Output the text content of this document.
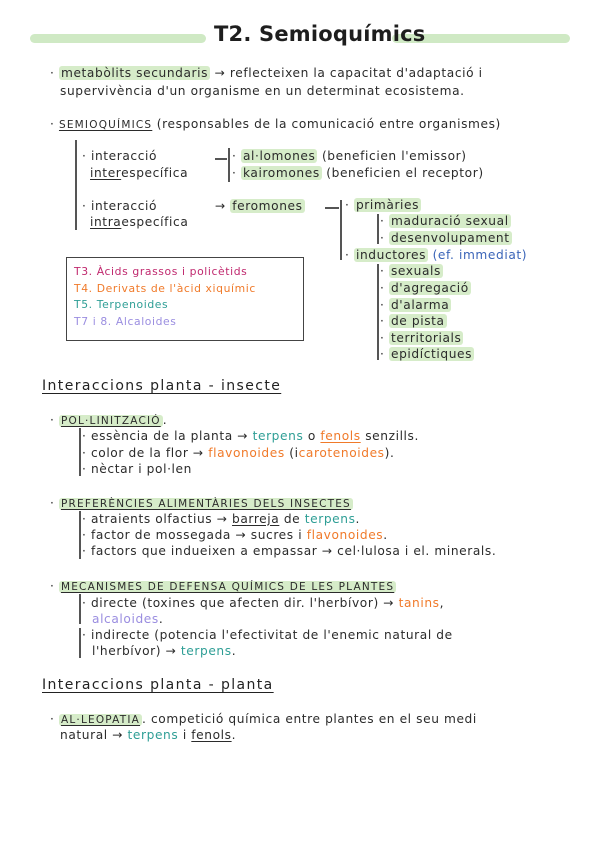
T2. Semioquímics
· metabòlits secundaris → reflecteixen la capacitat d'adaptació i
supervivència d'un organisme en un determinat ecosistema.
· SEMIOQUÍMICS (responsables de la comunicació entre organismes)
· interacció
interespecífica
· al·lomones (beneficien l'emissor)
· kairomones (beneficien el receptor)
· interacció
intraespecífica
→ feromones	· primàries
· maduració sexual
· desenvolupament
· inductores (ef. immediat)
· sexuals
· d'agregació
· d'alarma
· de pista
· territorials
· epidíctiques
T3. Àcids grassos i policètids
T4. Derivats de l'àcid xiquímic
T5. Terpenoides
T7 i 8. Alcaloides
Interaccions planta - insecte
· POL·LINITZACIÓ .
· essència de la planta → terpens o fenols senzills.
· color de la flor → flavonoides (icarotenoides).
· nèctar i pol·len
· PREFERÈNCIES ALIMENTÀRIES DELS INSECTES
· atraients olfactius → barreja de terpens.
· factor de mossegada → sucres i flavonoides.
· factors que indueixen a empassar → cel·lulosa i el. minerals.
· MECANISMES DE DEFENSA QUÍMICS DE LES PLANTES
· directe (toxines que afecten dir. l'herbívor) → tanins,
alcaloides.
· indirecte (potencia l'efectivitat de l'enemic natural de
l'herbívor) → terpens.
Interaccions planta - planta
· AL·LEOPATIA . competició química entre plantes en el seu medi
natural → terpens i fenols.
